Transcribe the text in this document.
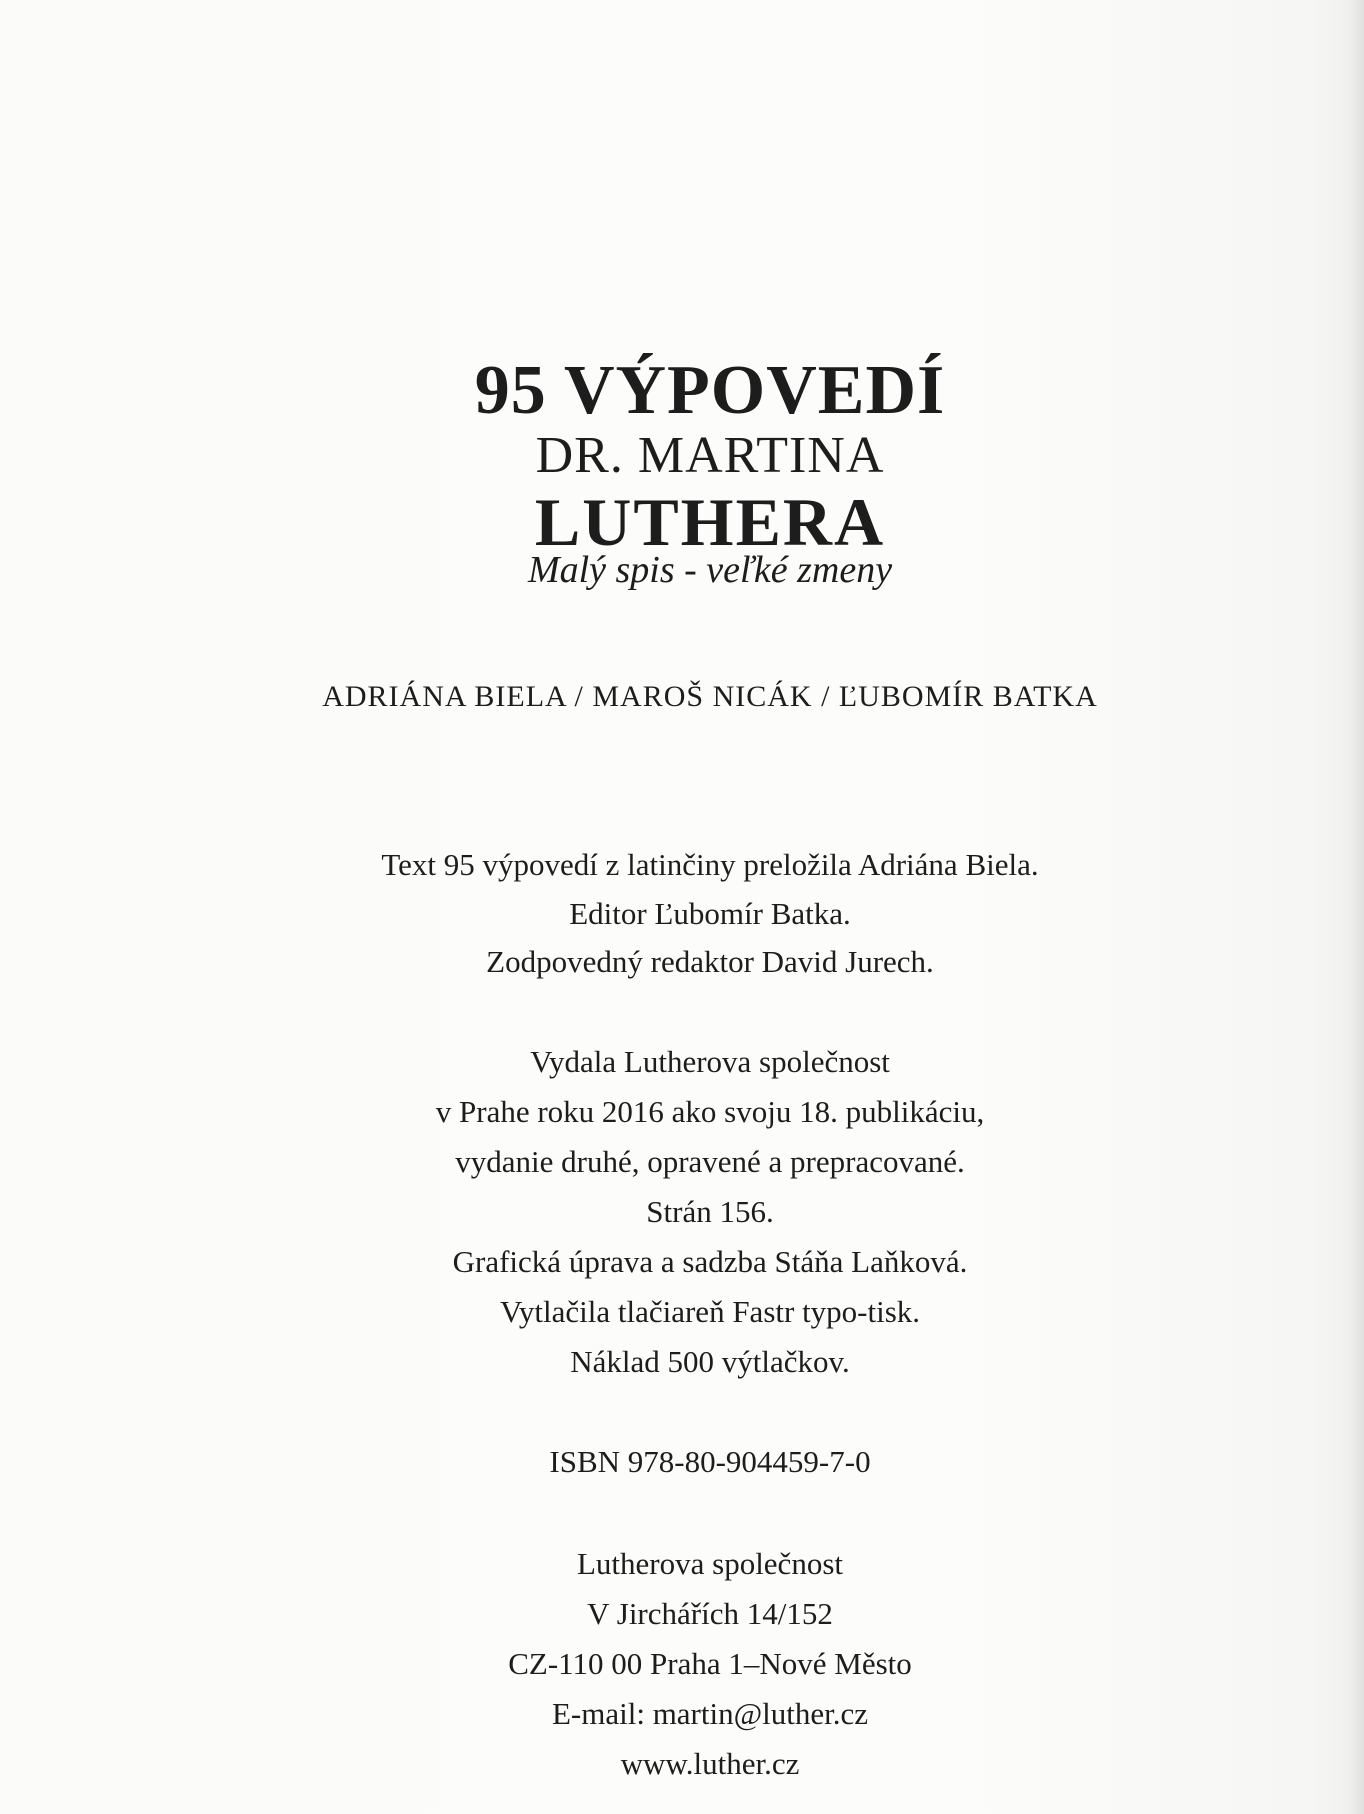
95 VÝPOVEDÍ
DR. MARTINA
LUTHERA
Malý spis - veľké zmeny
ADRIÁNA BIELA / MAROŠ NICÁK / ĽUBOMÍR BATKA
Text 95 výpovedí z latinčiny preložila Adriána Biela.
Editor Ľubomír Batka.
Zodpovedný redaktor David Jurech.
Vydala Lutherova společnost
v Prahe roku 2016 ako svoju 18. publikáciu,
vydanie druhé, opravené a prepracované.
Strán 156.
Grafická úprava a sadzba Stáňa Laňková.
Vytlačila tlačiareň Fastr typo-tisk.
Náklad 500 výtlačkov.
ISBN 978-80-904459-7-0
Lutherova společnost
V Jirchářích 14/152
CZ-110 00 Praha 1–Nové Město
E-mail: martin@luther.cz
www.luther.cz
